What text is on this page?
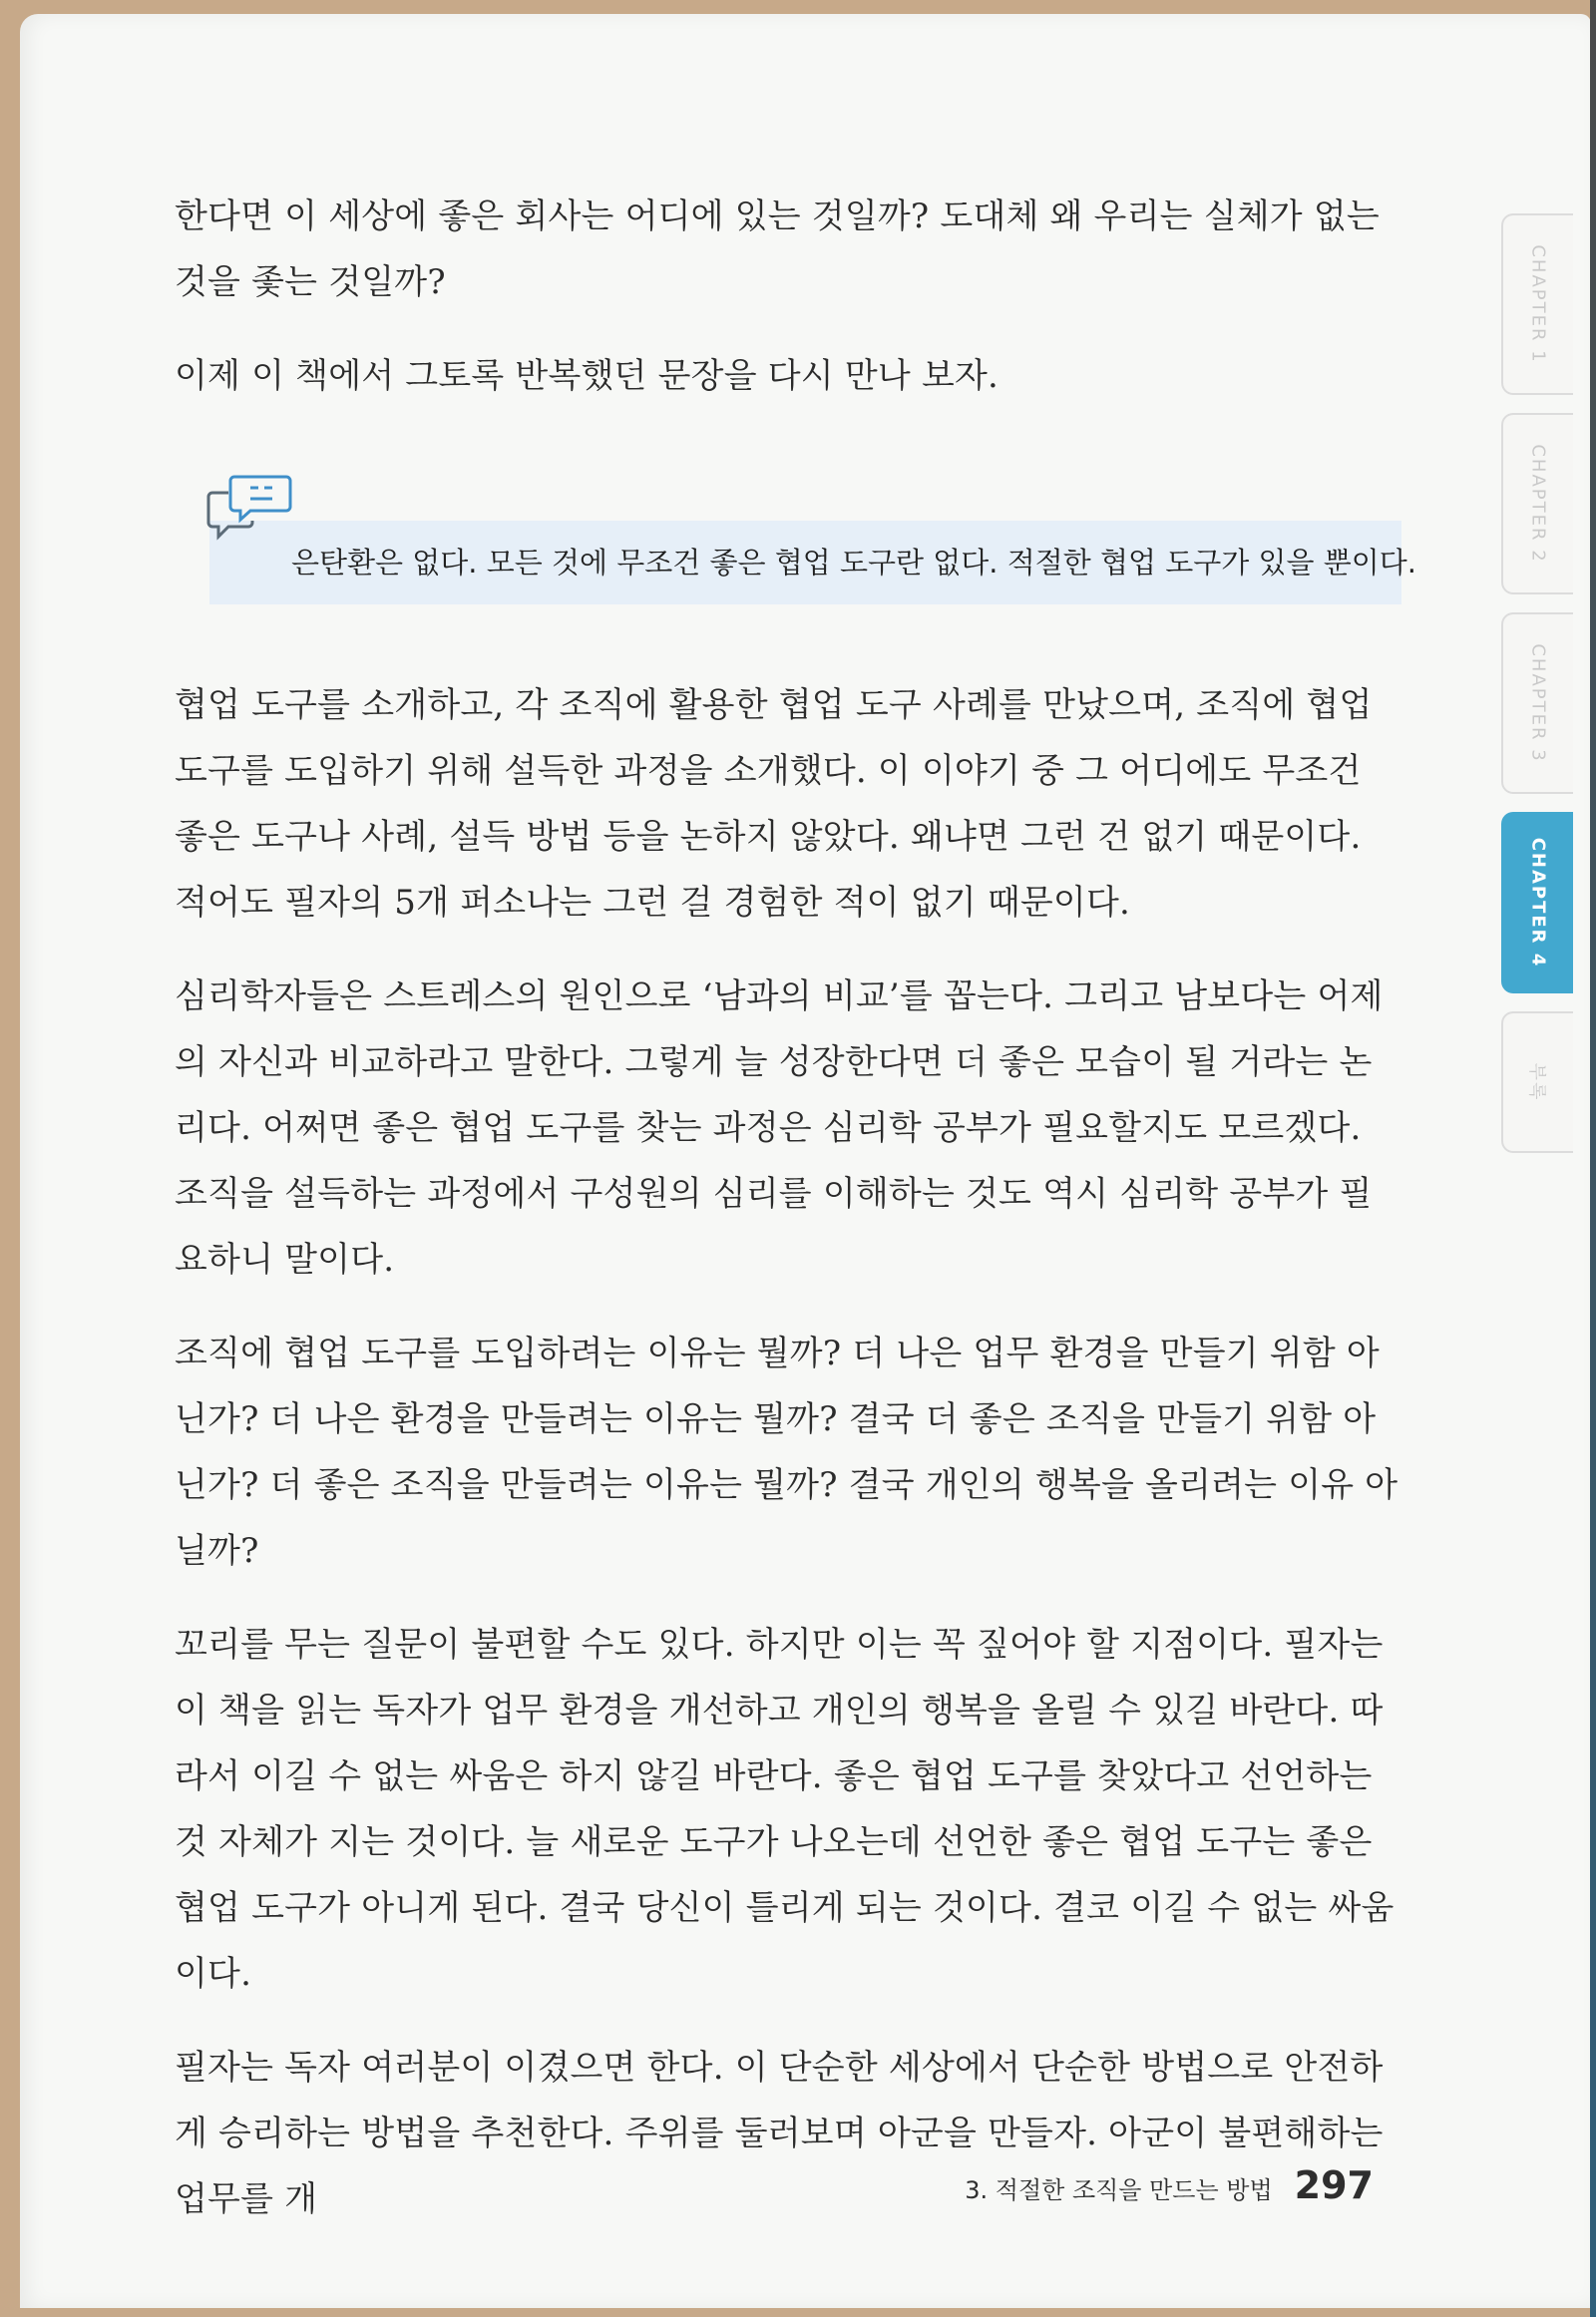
한다면 이 세상에 좋은 회사는 어디에 있는 것일까? 도대체 왜 우리는 실체가 없는 것을 좇는 것일까?

이제 이 책에서 그토록 반복했던 문장을 다시 만나 보자.

은탄환은 없다. 모든 것에 무조건 좋은 협업 도구란 없다. 적절한 협업 도구가 있을 뿐이다.

협업 도구를 소개하고, 각 조직에 활용한 협업 도구 사례를 만났으며, 조직에 협업 도구를 도입하기 위해 설득한 과정을 소개했다. 이 이야기 중 그 어디에도 무조건 좋은 도구나 사례, 설득 방법 등을 논하지 않았다. 왜냐면 그런 건 없기 때문이다. 적어도 필자의 5개 퍼소나는 그런 걸 경험한 적이 없기 때문이다.

심리학자들은 스트레스의 원인으로 ‘남과의 비교’를 꼽는다. 그리고 남보다는 어제의 자신과 비교하라고 말한다. 그렇게 늘 성장한다면 더 좋은 모습이 될 거라는 논리다. 어쩌면 좋은 협업 도구를 찾는 과정은 심리학 공부가 필요할지도 모르겠다. 조직을 설득하는 과정에서 구성원의 심리를 이해하는 것도 역시 심리학 공부가 필요하니 말이다.

조직에 협업 도구를 도입하려는 이유는 뭘까? 더 나은 업무 환경을 만들기 위함 아닌가? 더 나은 환경을 만들려는 이유는 뭘까? 결국 더 좋은 조직을 만들기 위함 아닌가? 더 좋은 조직을 만들려는 이유는 뭘까? 결국 개인의 행복을 올리려는 이유 아닐까?

꼬리를 무는 질문이 불편할 수도 있다. 하지만 이는 꼭 짚어야 할 지점이다. 필자는 이 책을 읽는 독자가 업무 환경을 개선하고 개인의 행복을 올릴 수 있길 바란다. 따라서 이길 수 없는 싸움은 하지 않길 바란다. 좋은 협업 도구를 찾았다고 선언하는 것 자체가 지는 것이다. 늘 새로운 도구가 나오는데 선언한 좋은 협업 도구는 좋은 협업 도구가 아니게 된다. 결국 당신이 틀리게 되는 것이다. 결코 이길 수 없는 싸움이다.

필자는 독자 여러분이 이겼으면 한다. 이 단순한 세상에서 단순한 방법으로 안전하게 승리하는 방법을 추천한다. 주위를 둘러보며 아군을 만들자. 아군이 불편해하는 업무를 개

CHAPTER 1
CHAPTER 2
CHAPTER 3
CHAPTER 4
부록
3. 적절한 조직을 만드는 방법 297
